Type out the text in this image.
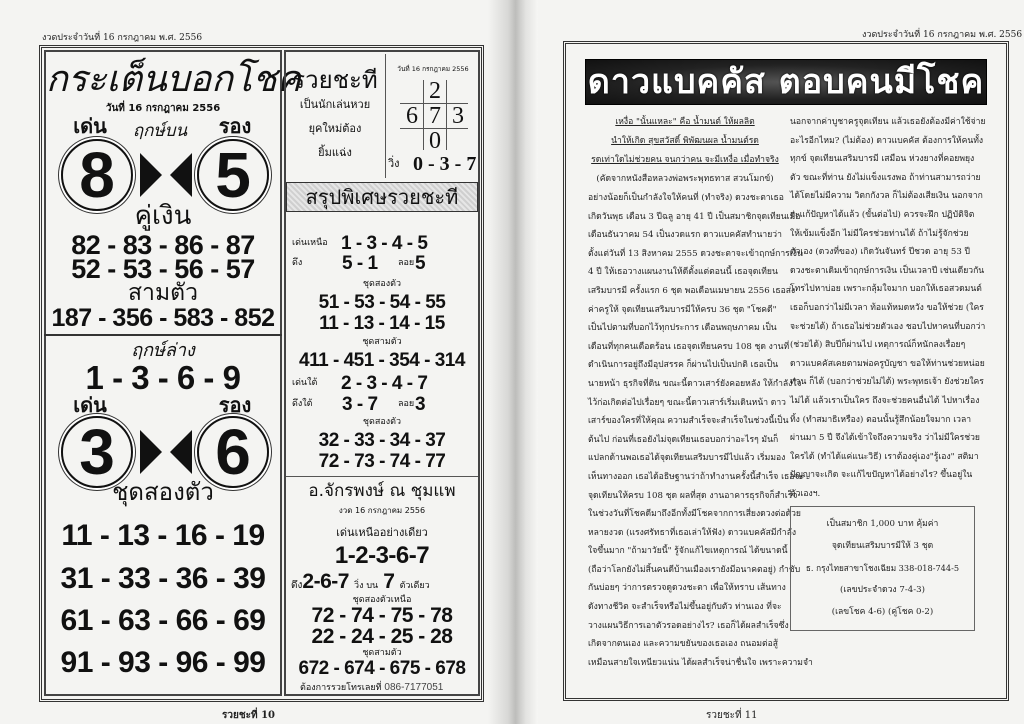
งวดประจำวันที่ 16 กรกฎาคม พ.ศ. 2556
กระเต็นบอกโชค
วันที่ 16 กรกฎาคม 2556
เด่น	รอง
ฤกษ์บน
8 5
คู่เงิน
82 - 83 - 86 - 87
52 - 53 - 56 - 57
สามตัว
187 - 356 - 583 - 852
ฤกษ์ล่าง
1 - 3 - 6 - 9
เด่น	รอง
3 6
ชุดสองตัว
11 - 13 - 16 - 19
31 - 33 - 36 - 39
61 - 63 - 66 - 69
91 - 93 - 96 - 99
รวยชะที
เป็นนักเล่นหวย
ยุคใหม่ต้อง
ยิ้มแฉ่ง
วันที่ 16 กรกฎาคม 2556
2
6 7 3
0
วิ่ง 0 - 3 - 7
สรุปพิเศษรวยชะที
เด่นเหนือ 1 - 3 - 4 - 5
ดึง 5 - 1 ลอย 5
ชุดสองตัว
51 - 53 - 54 - 55
11 - 13 - 14 - 15
ชุดสามตัว
411 - 451 - 354 - 314
เด่นใต้ 2 - 3 - 4 - 7
ดึงใต้ 3 - 7 ลอย 3
ชุดสองตัว
32 - 33 - 34 - 37
72 - 73 - 74 - 77
อ.จักรพงษ์ ณ ชุมแพ
งวด 16 กรกฎาคม 2556
เด่นเหนืออย่างเดียว
1-2-3-6-7
ดึง2-6-7 วิ่ง บน 7 ตัวเดียว
ชุดสองตัวเหนือ
72 - 74 - 75 - 78
22 - 24 - 25 - 28
ชุดสามตัว
672 - 674 - 675 - 678
ต้องการรวยโทรเลยที่ 086-7177051
รวยชะที่ 10
งวดประจำวันที่ 16 กรกฎาคม พ.ศ. 2556
ดาวแบคคัส ตอบคนมีโชค
เหงื่อ "นั้นแหละ" คือ น้ำมนต์ ให้ผลลิต
นำให้เกิด สุขสวัสดิ์ พิพัฒนผล น้ำมนต์รด
รดเท่าใดไม่ช่วยคน จนกว่าคน จะมีเหงื่อ เมื่อทำจริง
(คัดจากหนังสือหลวงพ่อพระพุทธทาส สวนโมกข์)
อย่างน้อยก็เป็นกำลังใจให้คนที่ (ทำจริง) ดวงชะตาเธอ
เกิดวันพุธ เดือน 3 ปีฉลู อายุ 41 ปี เป็นสมาชิกจุดเทียนเมื่อ
เดือนธันวาคม 54 เป็นงวดแรก ดาวแบคคัสทำนายว่า
ตั้งแต่วันที่ 13 สิงหาคม 2555 ดวงชะตาจะเข้าฤกษ์การเงิน
4 ปี ให้เธอวางแผนงานให้ดีตั้งแต่ตอนนี้ เธอจุดเทียน
เสริมบารมี ครั้งแรก 6 ชุด พอเดือนเมษายน 2556 เธอส่ง
ค่าครูให้ จุดเทียนเสริมบารมีให้ครบ 36 ชุด "โชคดี"
เป็นไปตามที่บอกไว้ทุกประการ เดือนพฤษภาคม เป็น
เดือนที่ทุกคนเดือดร้อน เธอจุดเทียนครบ 108 ชุด งานที่
ดำเนินการอยู่ถึงมีอุปสรรค ก็ผ่านไปเป็นปกติ เธอเป็น
นายหน้า ธุรกิจที่ดิน ขณะนี้ดาวเสาร์ยังคอยหลัง ให้กำลังใจ
ไว้ก่อเกิดต่อไปเรื่อยๆ ขณะนี้ดาวเสาร์เริ่มเดินหน้า ดาว
เสาร์ของใครที่ให้คุณ ความสำเร็จจะสำเร็จในช่วงนี้เป็น
ต้นไป ก่อนที่เธอยังไม่จุดเทียนเธอบอกว่าอะไรๆ มันก็
แปลกด้านพอเธอได้จุดเทียนเสริมบารมีไปแล้ว เริ่มมอง
เห็นทางออก เธอได้อธิษฐานว่าถ้าทำงานครั้งนี้สำเร็จ เธอจะ
จุดเทียนให้ครบ 108 ชุด ผลที่สุด งานอาคารธุรกิจก็สำเร็จ
ในช่วงวันที่โชคดีมาถึงอีกทั้งมีโชคจากการเสี่ยงดวงต่อด้วย
หลายงวด (แรงศรัทธาที่เธอเล่าให้ฟัง) ดาวแบคคัสมีกำลัง
ใจขึ้นมาก "ถ้ามาวัยนี้" รู้จักแก้ไขเหตุการณ์ ได้ขนาดนี้
(ถือว่าโลกยังไม่สิ้นคนดีบ้านเมืองเรายังมีอนาคตอยู่) กำชับ
กันบ่อยๆ ว่าการตรวจดูดวงชะตา เพื่อให้ทราบ เส้นทาง
ดังทางชีวิต จะสำเร็จหรือไม่ขึ้นอยู่กับตัว ท่านเอง ที่จะ
วางแผนวิธีการเอาตัวรอดอย่างไร? เธอก็ได้ผลสำเร็จซึ่ง
เกิดจากตนเอง และความขยันของเธอเอง ถนอมต่อสู้
เหมือนสายใจเหนียวแน่น ได้ผลสำเร็จน่าชื่นใจ เพราะความจำ
นอกจากค่าบูชาครูจุดเทียน แล้วเธอยังต้องมีค่าใช้จ่าย
อะไรอีกไหม? (ไม่ต้อง) ดาวแบคคัส ต้องการให้คนทั้ง
ทุกข์ จุดเทียนเสริมบารมี เสมือน ห่วงยางที่คอยพยุง
ตัว ขณะที่ท่าน ยังไม่แข็งแรงพอ ถ้าท่านสามารถว่าย
ได้โดยไม่มีความ วิตกกังวล ก็ไม่ต้องเสียเงิน นอกจาก
จะแก้ปัญหาได้แล้ว (ขั้นต่อไป) ควรจะฝึก ปฏิบัติจิต
ให้เข้มแข็งอีก ไม่มีใครช่วยท่านได้ ถ้าไม่รู้จักช่วย
ตัวเอง (ดวงที่ของ) เกิดวันจันทร์ ปีชวด อายุ 53 ปี
ดวงชะตาเดิมเข้าฤกษ์การเงิน เป็นเวลาปี เช่นเดียวกัน
โทรไปหาบ่อย เพราะกลุ้มใจมาก บอกให้เธอสวดมนต์
เธอก็บอกว่าไม่มีเวลา ท้อแท้หมดหวัง ขอให้ช่วย (ใคร
จะช่วยได้) ถ้าเธอไม่ช่วยตัวเอง ชอบไปหาคนที่บอกว่า
(ช่วยได้) สิบปีก็ผ่านไป เหตุการณ์ก็หนักลงเรื่อยๆ
ดาวแบคคัสเคยตามพ่อครูบัญชา ขอให้ท่านช่วยหน่อย
ท่าน ก็ได้ (บอกว่าช่วยไม่ได้) พระพุทธเจ้า ยังช่วยใคร
ไม่ได้ แล้วเราเป็นใคร ถึงจะช่วยคนอื่นได้ ไปหาเรื่อง
ทิ้ง (ทำสมาธิเหรือง) ตอนนั้นรู้สึกน้อยใจมาก เวลา
ผ่านมา 5 ปี จึงได้เข้าใจถึงความจริง ว่าไม่มีใครช่วย
ใครได้ (ทำได้แค่แนะวิธี) เราต้องคู่เอง"รู้เอง" สติมา
ปัญญาจะเกิด จะแก้ไขปัญหาได้อย่างไร? ขึ้นอยู่ใน
ตัวเองฯ.
เป็นสมาชิก 1,000 บาท คุ้มค่า
จุดเทียนเสริมบารมีให้ 3 ชุด
ธ. กรุงไทยสาขาโชงเฉียม 338-018-744-5
(เลขประจำดวง 7-4-3)
(เลขโชค 4-6) (คู่โชค 0-2)
รวยชะที่ 11
